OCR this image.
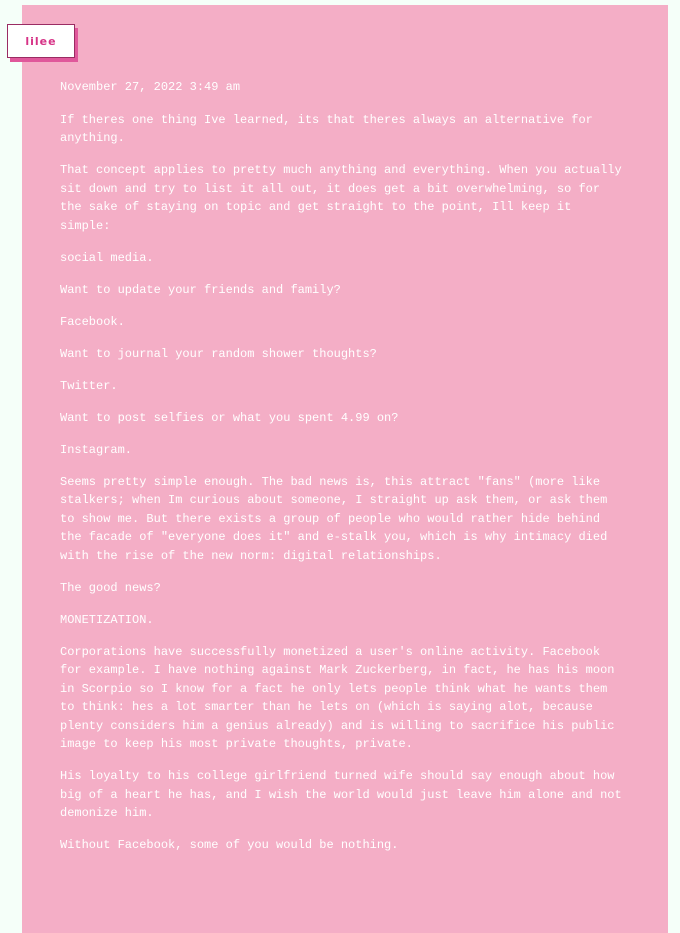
lilee
November 27, 2022 3:49 am

If theres one thing Ive learned, its that theres always an alternative for anything.

That concept applies to pretty much anything and everything. When you actually sit down and try to list it all out, it does get a bit overwhelming, so for the sake of staying on topic and get straight to the point, Ill keep it simple:

social media.

Want to update your friends and family?

Facebook.

Want to journal your random shower thoughts?

Twitter.

Want to post selfies or what you spent 4.99 on?

Instagram.

Seems pretty simple enough. The bad news is, this attract "fans" (more like stalkers; when Im curious about someone, I straight up ask them, or ask them to show me. But there exists a group of people who would rather hide behind the facade of "everyone does it" and e-stalk you, which is why intimacy died with the rise of the new norm: digital relationships.

The good news?

MONETIZATION.

Corporations have successfully monetized a user's online activity. Facebook for example. I have nothing against Mark Zuckerberg, in fact, he has his moon in Scorpio so I know for a fact he only lets people think what he wants them to think: hes a lot smarter than he lets on (which is saying alot, because plenty considers him a genius already) and is willing to sacrifice his public image to keep his most private thoughts, private.

His loyalty to his college girlfriend turned wife should say enough about how big of a heart he has, and I wish the world would just leave him alone and not demonize him.

Without Facebook, some of you would be nothing.
